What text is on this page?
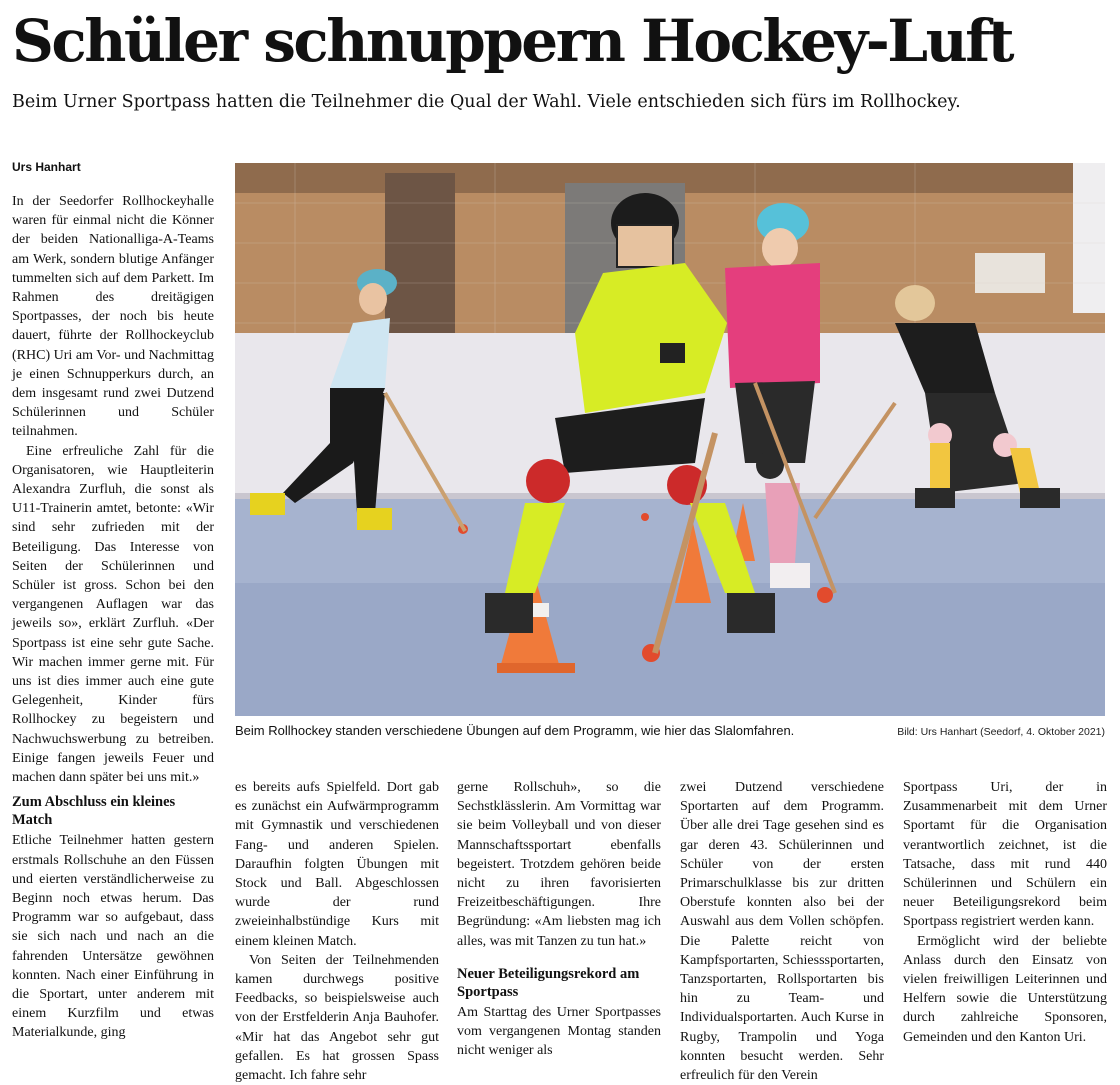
Schüler schnuppern Hockey-Luft

Beim Urner Sportpass hatten die Teilnehmer die Qual der Wahl. Viele entschieden sich fürs im Rollhockey.

Urs Hanhart

In der Seedorfer Rollhockeyhalle waren für einmal nicht die Könner der beiden Nationalliga-A-Teams am Werk, sondern blutige Anfänger tummelten sich auf dem Parkett. Im Rahmen des dreitägigen Sportpasses, der noch bis heute dauert, führte der Rollhockeyclub (RHC) Uri am Vor- und Nachmittag je einen Schnupperkurs durch, an dem insgesamt rund zwei Dutzend Schülerinnen und Schüler teilnahmen.

Eine erfreuliche Zahl für die Organisatoren, wie Hauptleiterin Alexandra Zurfluh, die sonst als U11-Trainerin amtet, betonte: «Wir sind sehr zufrieden mit der Beteiligung. Das Interesse von Seiten der Schülerinnen und Schüler ist gross. Schon bei den vergangenen Auflagen war das jeweils so», erklärt Zurfluh. «Der Sportpass ist eine sehr gute Sache. Wir machen immer gerne mit. Für uns ist dies immer auch eine gute Gelegenheit, Kinder fürs Rollhockey zu begeistern und Nachwuchswerbung zu betreiben. Einige fangen jeweils Feuer und machen dann später bei uns mit.»

Zum Abschluss ein kleines Match

Etliche Teilnehmer hatten gestern erstmals Rollschuhe an den Füssen und eierten verständlicherweise zu Beginn noch etwas herum. Das Programm war so aufgebaut, dass sie sich nach und nach an die fahrenden Untersätze gewöhnen konnten. Nach einer Einführung in die Sportart, unter anderem mit einem Kurzfilm und etwas Materialkunde, ging

Beim Rollhockey standen verschiedene Übungen auf dem Programm, wie hier das Slalomfahren.	Bild: Urs Hanhart (Seedorf, 4. Oktober 2021)

es bereits aufs Spielfeld. Dort gab es zunächst ein Aufwärmprogramm mit Gymnastik und verschiedenen Fang- und anderen Spielen. Daraufhin folgten Übungen mit Stock und Ball. Abgeschlossen wurde der rund zweieinhalbstündige Kurs mit einem kleinen Match.

Von Seiten der Teilnehmenden kamen durchwegs positive Feedbacks, so beispielsweise auch von der Erstfelderin Anja Bauhofer. «Mir hat das Angebot sehr gut gefallen. Es hat grossen Spass gemacht. Ich fahre sehr

gerne Rollschuh», so die Sechstklässlerin. Am Vormittag war sie beim Volleyball und von dieser Mannschaftssportart ebenfalls begeistert. Trotzdem gehören beide nicht zu ihren favorisierten Freizeitbeschäftigungen. Ihre Begründung: «Am liebsten mag ich alles, was mit Tanzen zu tun hat.»

Neuer Beteiligungsrekord am Sportpass

Am Starttag des Urner Sportpasses vom vergangenen Montag standen nicht weniger als

zwei Dutzend verschiedene Sportarten auf dem Programm. Über alle drei Tage gesehen sind es gar deren 43. Schülerinnen und Schüler von der ersten Primarschulklasse bis zur dritten Oberstufe konnten also bei der Auswahl aus dem Vollen schöpfen. Die Palette reicht von Kampfsportarten, Schiesssportarten, Tanzsportarten, Rollsportarten bis hin zu Team- und Individualsportarten. Auch Kurse in Rugby, Trampolin und Yoga konnten besucht werden. Sehr erfreulich für den Verein

Sportpass Uri, der in Zusammenarbeit mit dem Urner Sportamt für die Organisation verantwortlich zeichnet, ist die Tatsache, dass mit rund 440 Schülerinnen und Schülern ein neuer Beteiligungsrekord beim Sportpass registriert werden kann.

Ermöglicht wird der beliebte Anlass durch den Einsatz von vielen freiwilligen Leiterinnen und Helfern sowie die Unterstützung durch zahlreiche Sponsoren, Gemeinden und den Kanton Uri.
